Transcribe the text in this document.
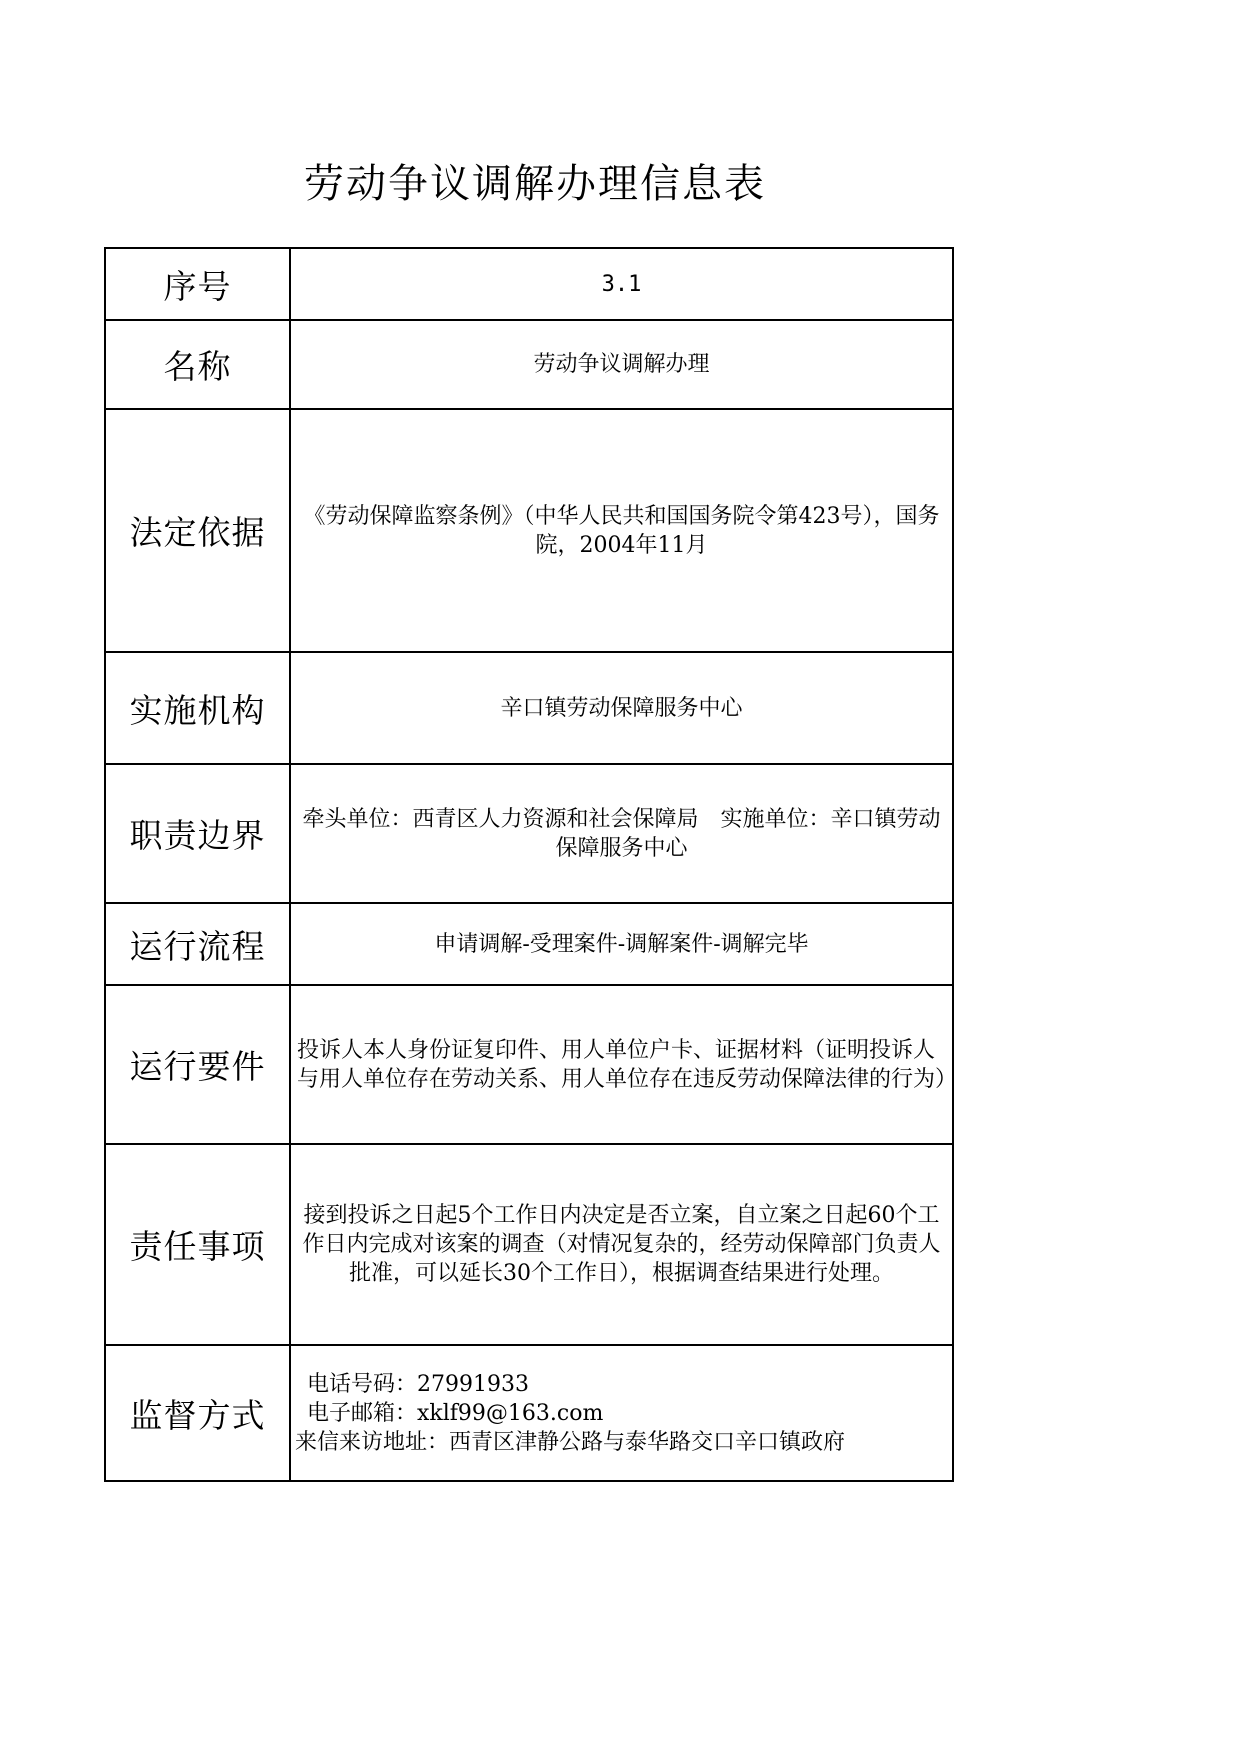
劳动争议调解办理信息表
序号	3.1
名称	劳动争议调解办理
法定依据	《劳动保障监察条例》（中华人民共和国国务院令第423号），国务院，2004年11月
实施机构	辛口镇劳动保障服务中心
职责边界	牵头单位：西青区人力资源和社会保障局　实施单位：辛口镇劳动保障服务中心
运行流程	申请调解-受理案件-调解案件-调解完毕
运行要件	投诉人本人身份证复印件、用人单位户卡、证据材料（证明投诉人与用人单位存在劳动关系、用人单位存在违反劳动保障法律的行为）
责任事项	接到投诉之日起5个工作日内决定是否立案，自立案之日起60个工作日内完成对该案的调查（对情况复杂的，经劳动保障部门负责人批准，可以延长30个工作日），根据调查结果进行处理。
监督方式	电话号码：27991933
电子邮箱：xklf99@163.com
来信来访地址：西青区津静公路与泰华路交口辛口镇政府
